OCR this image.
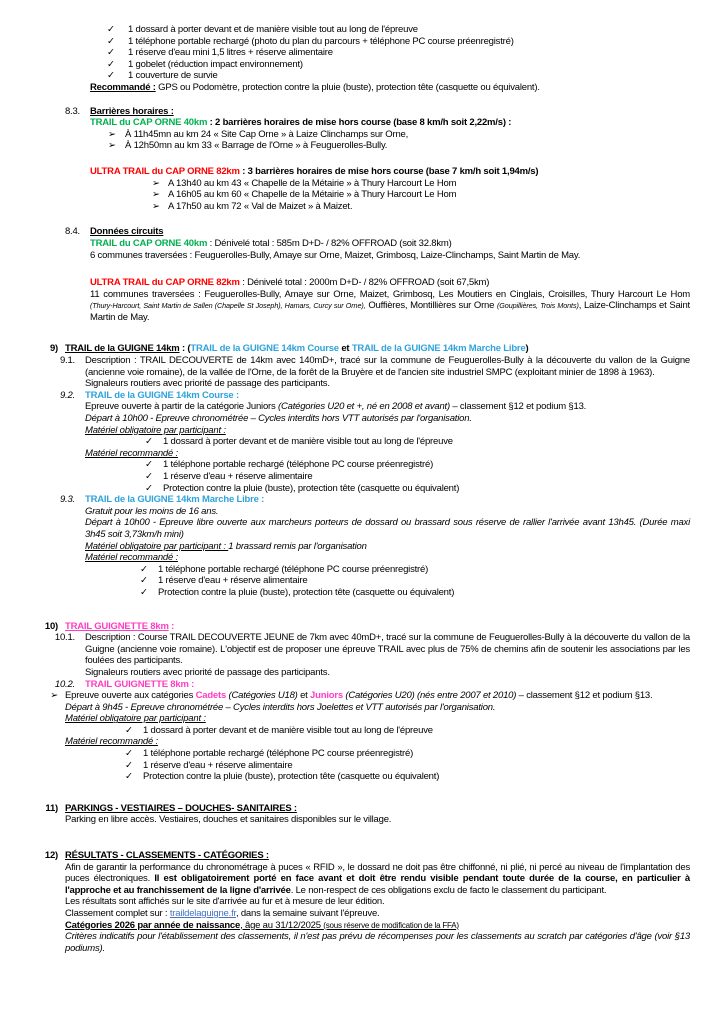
✓ 1 dossard à porter devant et de manière visible tout au long de l'épreuve
✓ 1 téléphone portable rechargé (photo du plan du parcours + téléphone PC course préenregistré)
✓ 1 réserve d'eau mini 1,5 litres + réserve alimentaire
✓ 1 gobelet (réduction impact environnement)
✓ 1 couverture de survie
Recommandé : GPS ou Podomètre, protection contre la pluie (buste), protection tête (casquette ou équivalent).
8.3.	Barrières horaires :
TRAIL du CAP ORNE 40km : 2 barrières horaires de mise hors course (base 8 km/h soit 2,22m/s) :
➢ À 11h45mn au km 24 « Site Cap Orne » à Laize Clinchamps sur Orne,
➢ À 12h50mn au km 33 « Barrage de l'Orne » à Feuguerolles-Bully.
ULTRA TRAIL du CAP ORNE 82km : 3 barrières horaires de mise hors course (base 7 km/h soit 1,94m/s)
➢ A 13h40 au km 43 « Chapelle de la Métairie » à Thury Harcourt Le Hom
➢ A 16h05 au km 60 « Chapelle de la Métairie » à Thury Harcourt Le Hom
➢ A 17h50 au km 72 « Val de Maizet » à Maizet.
8.4.	Données circuits
TRAIL du CAP ORNE 40km : Dénivelé total : 585m D+D- / 82% OFFROAD (soit 32.8km)
6 communes traversées : Feuguerolles-Bully, Amaye sur Orne, Maizet, Grimbosq, Laize-Clinchamps, Saint Martin de May.
ULTRA TRAIL du CAP ORNE 82km : Dénivelé total : 2000m D+D- / 82% OFFROAD (soit 67,5km)
11 communes traversées : Feuguerolles-Bully, Amaye sur Orne, Maizet, Grimbosq, Les Moutiers en Cinglais, Croisilles, Thury Harcourt Le Hom (Thury-Harcourt, Saint Martin de Sallen (Chapelle St Joseph), Hamars, Curcy sur Orne), Ouffières, Montillières sur Orne (Goupillières, Trois Monts), Laize-Clinchamps et Saint Martin de May.
9) TRAIL de la GUIGNE 14km : (TRAIL de la GUIGNE 14km Course et TRAIL de la GUIGNE 14km Marche Libre)
9.1.	Description : TRAIL DECOUVERTE de 14km avec 140mD+, tracé sur la commune de Feuguerolles-Bully à la découverte du vallon de la Guigne (ancienne voie romaine), de la vallée de l'Orne, de la forêt de la Bruyère et de l'ancien site industriel SMPC (exploitant minier de 1898 à 1963).
Signaleurs routiers avec priorité de passage des participants.
9.2.	TRAIL de la GUIGNE 14km Course :
Epreuve ouverte à partir de la catégorie Juniors (Catégories U20 et +, né en 2008 et avant) – classement §12 et podium §13.
Départ à 10h00 - Epreuve chronométrée – Cycles interdits hors VTT autorisés par l'organisation.
Matériel obligatoire par participant :
✓ 1 dossard à porter devant et de manière visible tout au long de l'épreuve
Matériel recommandé :
✓ 1 téléphone portable rechargé (téléphone PC course préenregistré)
✓ 1 réserve d'eau + réserve alimentaire
✓ Protection contre la pluie (buste), protection tête (casquette ou équivalent)
9.3.	TRAIL de la GUIGNE 14km Marche Libre :
Gratuit pour les moins de 16 ans.
Départ à 10h00 - Epreuve libre ouverte aux marcheurs porteurs de dossard ou brassard sous réserve de rallier l'arrivée avant 13h45. (Durée maxi 3h45 soit 3,73km/h mini)
Matériel obligatoire par participant : 1 brassard remis par l'organisation
Matériel recommandé :
✓ 1 téléphone portable rechargé (téléphone PC course préenregistré)
✓ 1 réserve d'eau + réserve alimentaire
✓ Protection contre la pluie (buste), protection tête (casquette ou équivalent)
10) TRAIL GUIGNETTE 8km :
10.1.	Description : Course TRAIL DECOUVERTE JEUNE de 7km avec 40mD+, tracé sur la commune de Feuguerolles-Bully à la découverte du vallon de la Guigne (ancienne voie romaine). L'objectif est de proposer une épreuve TRAIL avec plus de 75% de chemins afin de soutenir les associations par les foulées des participants.
Signaleurs routiers avec priorité de passage des participants.
10.2.	TRAIL GUIGNETTE 8km :
➢ Epreuve ouverte aux catégories Cadets (Catégories U18) et Juniors (Catégories U20) (nés entre 2007 et 2010) – classement §12 et podium §13.
Départ à 9h45 - Epreuve chronométrée – Cycles interdits hors Joelettes et VTT autorisés par l'organisation.
Matériel obligatoire par participant :
✓ 1 dossard à porter devant et de manière visible tout au long de l'épreuve
Matériel recommandé :
✓ 1 téléphone portable rechargé (téléphone PC course préenregistré)
✓ 1 réserve d'eau + réserve alimentaire
✓ Protection contre la pluie (buste), protection tête (casquette ou équivalent)
11) PARKINGS - VESTIAIRES – DOUCHES- SANITAIRES :
Parking en libre accès. Vestiaires, douches et sanitaires disponibles sur le village.
12) RÉSULTATS - CLASSEMENTS - CATÉGORIES :
Afin de garantir la performance du chronométrage à puces « RFID », le dossard ne doit pas être chiffonné, ni plié, ni percé au niveau de l'implantation des puces électroniques. Il est obligatoirement porté en face avant et doit être rendu visible pendant toute durée de la course, en particulier à l'approche et au franchissement de la ligne d'arrivée. Le non-respect de ces obligations exclu de facto le classement du participant.
Les résultats sont affichés sur le site d'arrivée au fur et à mesure de leur édition.
Classement complet sur : traildelaguigne.fr, dans la semaine suivant l'épreuve.
Catégories 2026 par année de naissance, âge au 31/12/2025 (sous réserve de modification de la FFA)
Critères indicatifs pour l'établissement des classements, il n'est pas prévu de récompenses pour les classements au scratch par catégories d'âge (voir §13 podiums).
